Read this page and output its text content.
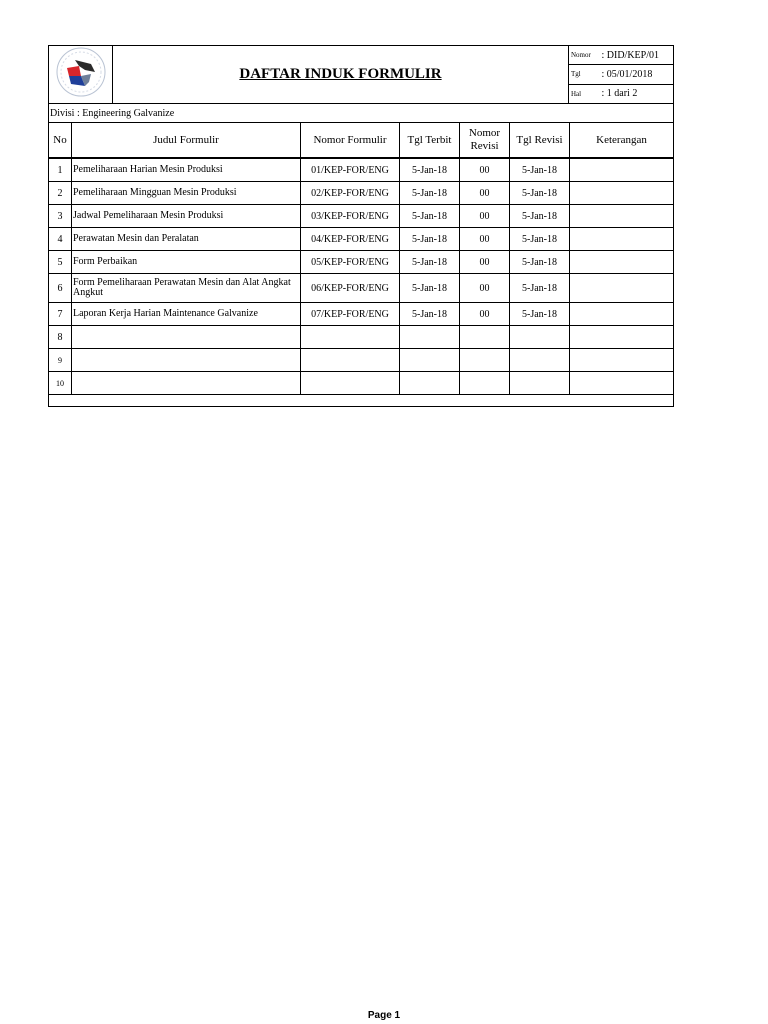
	DAFTAR INDUK FORMULIR	Nomor	: DID/KEP/01
		Tgl	: 05/01/2018
		Hal	: 1 dari 2
Divisi : Engineering Galvanize
No	Judul Formulir	Nomor Formulir	Tgl Terbit	Nomor Revisi	Tgl Revisi	Keterangan
1	Pemeliharaan Harian Mesin Produksi	01/KEP-FOR/ENG	5-Jan-18	00	5-Jan-18	
2	Pemeliharaan Mingguan Mesin Produksi	02/KEP-FOR/ENG	5-Jan-18	00	5-Jan-18	
3	Jadwal Pemeliharaan Mesin Produksi	03/KEP-FOR/ENG	5-Jan-18	00	5-Jan-18	
4	Perawatan Mesin dan Peralatan	04/KEP-FOR/ENG	5-Jan-18	00	5-Jan-18	
5	Form Perbaikan	05/KEP-FOR/ENG	5-Jan-18	00	5-Jan-18	
6	Form Pemeliharaan Perawatan Mesin dan Alat Angkat Angkut	06/KEP-FOR/ENG	5-Jan-18	00	5-Jan-18	
7	Laporan Kerja Harian Maintenance Galvanize	07/KEP-FOR/ENG	5-Jan-18	00	5-Jan-18	
8						
9						
10						

Page 1
